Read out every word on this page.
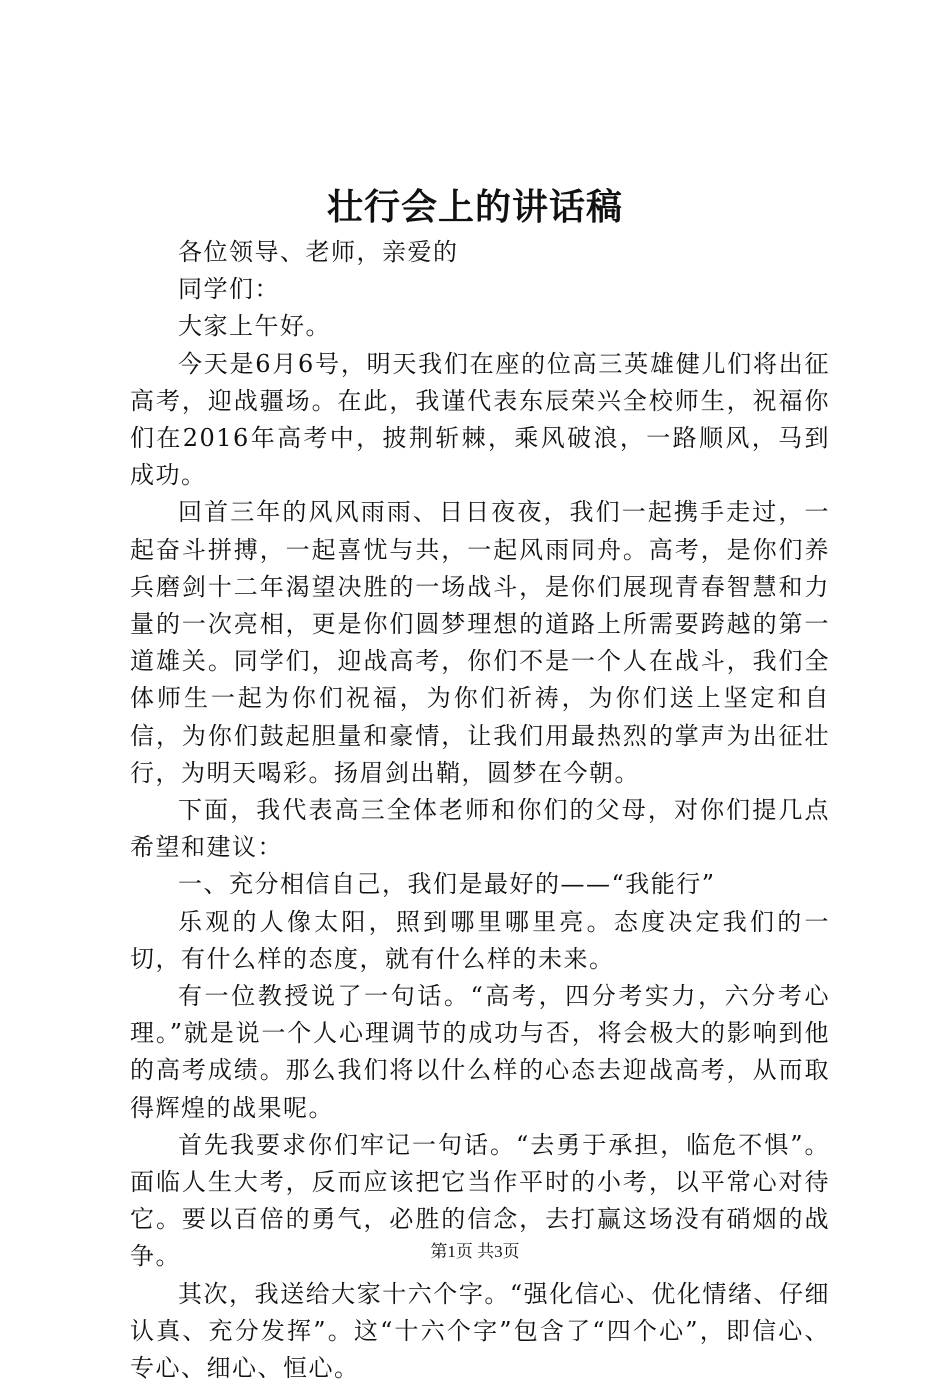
壮行会上的讲话稿

各位领导、老师，亲爱的

同学们：

大家上午好。

今天是6月6号，明天我们在座的位高三英雄健儿们将出征高考，迎战疆场。在此，我谨代表东辰荣兴全校师生，祝福你们在2016年高考中，披荆斩棘，乘风破浪，一路顺风，马到成功。

回首三年的风风雨雨、日日夜夜，我们一起携手走过，一起奋斗拼搏，一起喜忧与共，一起风雨同舟。高考，是你们养兵磨剑十二年渴望决胜的一场战斗，是你们展现青春智慧和力量的一次亮相，更是你们圆梦理想的道路上所需要跨越的第一道雄关。同学们，迎战高考，你们不是一个人在战斗，我们全体师生一起为你们祝福，为你们祈祷，为你们送上坚定和自信，为你们鼓起胆量和豪情，让我们用最热烈的掌声为出征壮行，为明天喝彩。扬眉剑出鞘，圆梦在今朝。

下面，我代表高三全体老师和你们的父母，对你们提几点希望和建议：

一、充分相信自己，我们是最好的——“我能行”

乐观的人像太阳，照到哪里哪里亮。态度决定我们的一切，有什么样的态度，就有什么样的未来。

有一位教授说了一句话。“高考，四分考实力，六分考心理。”就是说一个人心理调节的成功与否，将会极大的影响到他的高考成绩。那么我们将以什么样的心态去迎战高考，从而取得辉煌的战果呢。

首先我要求你们牢记一句话。“去勇于承担，临危不惧”。面临人生大考，反而应该把它当作平时的小考，以平常心对待它。要以百倍的勇气，必胜的信念，去打赢这场没有硝烟的战争。

其次，我送给大家十六个字。“强化信心、优化情绪、仔细认真、充分发挥”。这“十六个字”包含了“四个心”，即信心、专心、细心、恒心。

第1页 共3页
